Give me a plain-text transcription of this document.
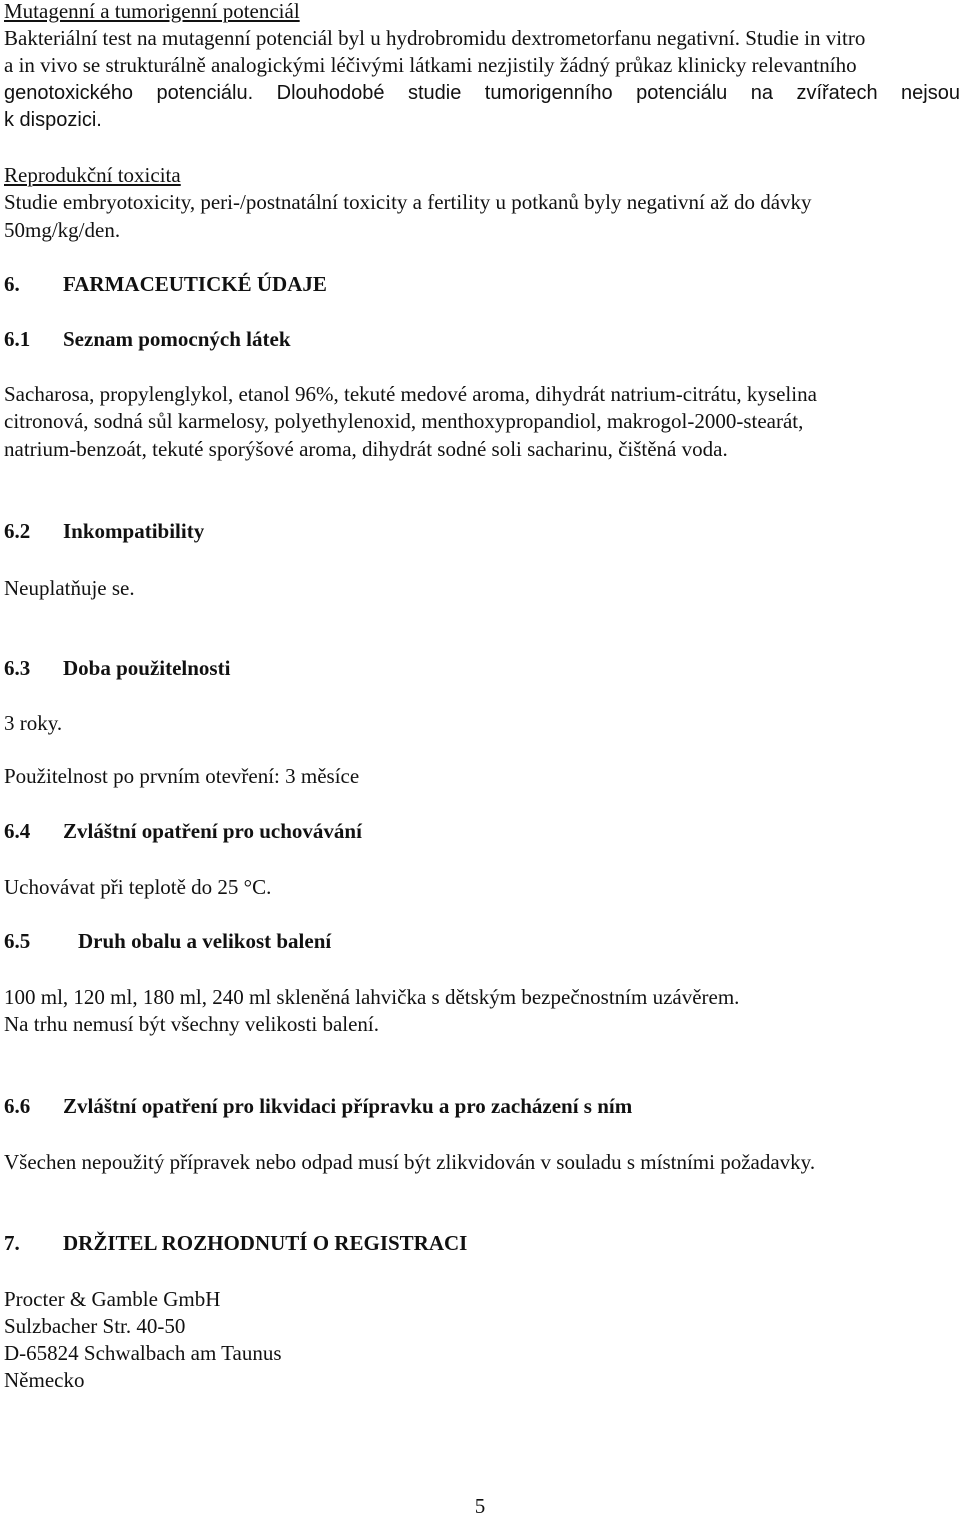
Mutagenní a tumorigenní potenciál
Bakteriální test na mutagenní potenciál byl u hydrobromidu dextrometorfanu negativní. Studie in vitro
a in vivo se strukturálně analogickými léčivými látkami nezjistily žádný průkaz klinicky relevantního
genotoxického potenciálu. Dlouhodobé studie tumorigenního potenciálu na zvířatech nejsou
k dispozici.
Reprodukční toxicita
Studie embryotoxicity, peri-/postnatální toxicity a fertility u potkanů byly negativní až do dávky
50mg/kg/den.
6. FARMACEUTICKÉ ÚDAJE
6.1 Seznam pomocných látek
Sacharosa, propylenglykol, etanol 96%, tekuté medové aroma, dihydrát natrium-citrátu, kyselina
citronová, sodná sůl karmelosy, polyethylenoxid, menthoxypropandiol, makrogol-2000-stearát,
natrium-benzoát, tekuté sporýšové aroma, dihydrát sodné soli sacharinu, čištěná voda.
6.2 Inkompatibility
Neuplatňuje se.
6.3 Doba použitelnosti
3 roky.
Použitelnost po prvním otevření: 3 měsíce
6.4 Zvláštní opatření pro uchovávání
Uchovávat při teplotě do 25 °C.
6.5 Druh obalu a velikost balení
100 ml, 120 ml, 180 ml, 240 ml skleněná lahvička s dětským bezpečnostním uzávěrem.
Na trhu nemusí být všechny velikosti balení.
6.6 Zvláštní opatření pro likvidaci přípravku a pro zacházení s ním
Všechen nepoužitý přípravek nebo odpad musí být zlikvidován v souladu s místními požadavky.
7. DRŽITEL ROZHODNUTÍ O REGISTRACI
Procter & Gamble GmbH
Sulzbacher Str. 40-50
D-65824 Schwalbach am Taunus
Německo
5
